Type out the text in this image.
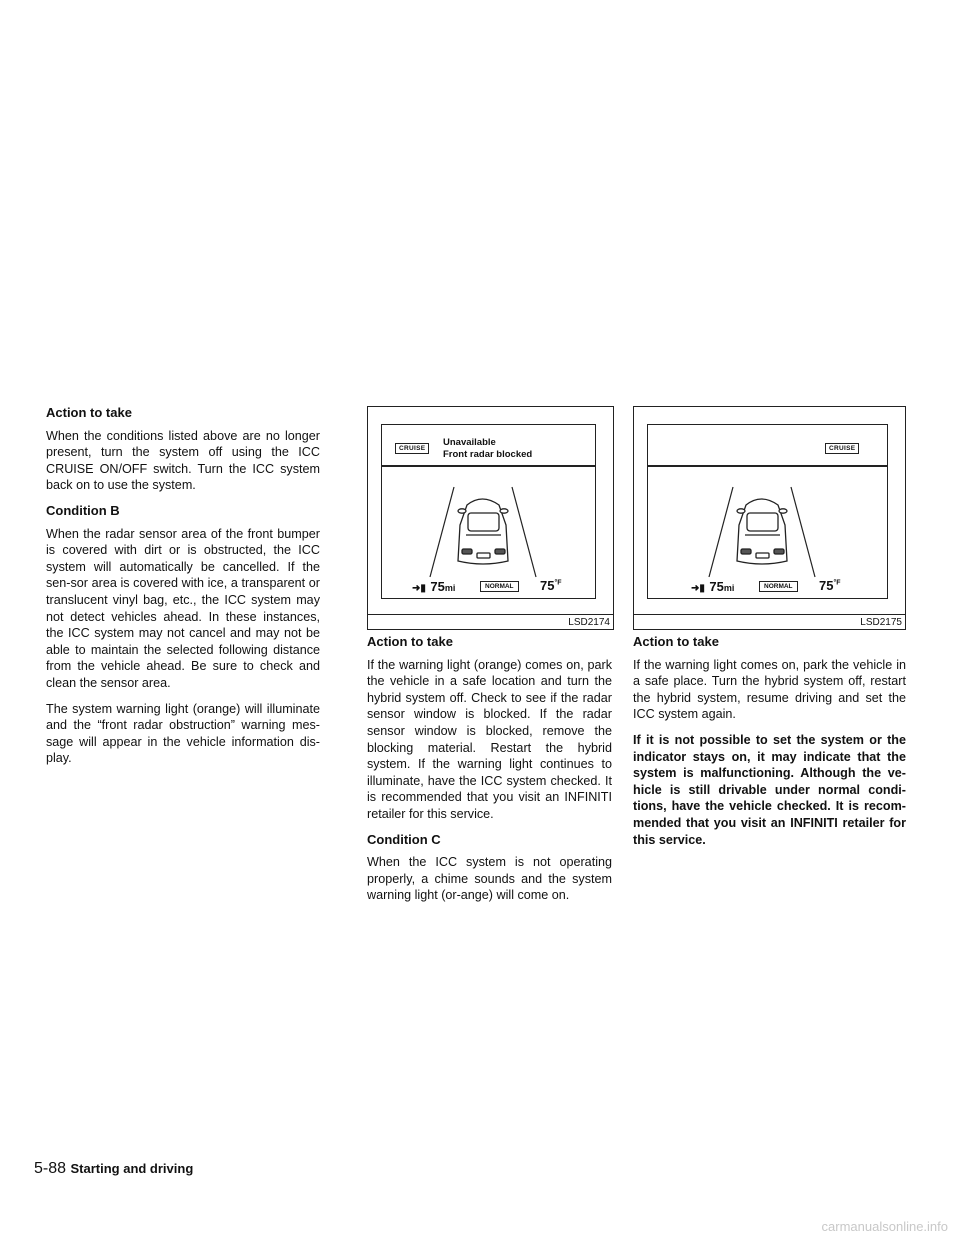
Action to take

When the conditions listed above are no longer present, turn the system off using the ICC CRUISE ON/OFF switch. Turn the ICC system back on to use the system.

Condition B

When the radar sensor area of the front bumper is covered with dirt or is obstructed, the ICC system will automatically be cancelled. If the sen-sor area is covered with ice, a transparent or translucent vinyl bag, etc., the ICC system may not detect vehicles ahead. In these instances, the ICC system may not cancel and may not be able to maintain the selected following distance from the vehicle ahead. Be sure to check and clean the sensor area.

The system warning light (orange) will illuminate and the “front radar obstruction” warning mes-sage will appear in the vehicle information dis-play.

CRUISE
Unavailable
Front radar blocked
➜▮ 75mi	NORMAL	$75^{^\circ F}$
LSD2174
CRUISE
➜▮ 75mi	NORMAL	$75^{^\circ F}$
LSD2175
Action to take

If the warning light (orange) comes on, park the vehicle in a safe location and turn the hybrid system off. Check to see if the radar sensor window is blocked. If the radar sensor window is blocked, remove the blocking material. Restart the hybrid system. If the warning light continues to illuminate, have the ICC system checked. It is recommended that you visit an INFINITI retailer for this service.

Condition C

When the ICC system is not operating properly, a chime sounds and the system warning light (or-ange) will come on.

Action to take

If the warning light comes on, park the vehicle in a safe place. Turn the hybrid system off, restart the hybrid system, resume driving and set the ICC system again.

If it is not possible to set the system or the indicator stays on, it may indicate that the system is malfunctioning. Although the ve-hicle is still drivable under normal condi-tions, have the vehicle checked. It is recom-mended that you visit an INFINITI retailer for this service.

5-88 Starting and driving
carmanualsonline.info
